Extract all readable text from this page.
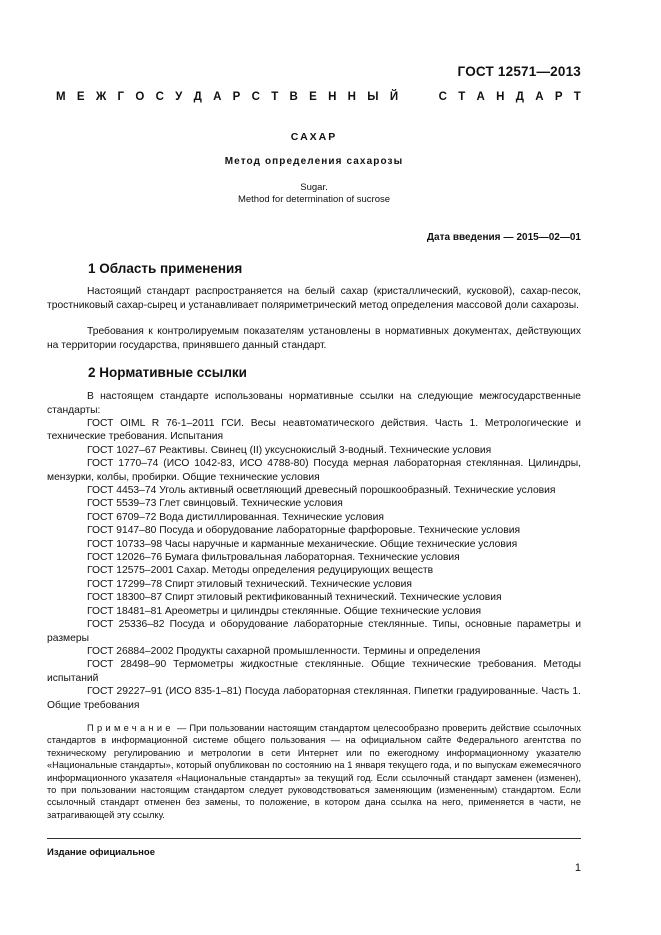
ГОСТ 12571—2013
М Е Ж Г О С У Д А Р С Т В Е Н Н Ы Й	С Т А Н Д А Р Т
САХАР
Метод определения сахарозы
Sugar.
Method for determination of sucrose
Дата введения — 2015—02—01
1 Область применения
Настоящий стандарт распространяется на белый сахар (кристаллический, кусковой), сахар-песок, тростниковый сахар-сырец и устанавливает поляриметрический метод определения массовой доли сахарозы.
Требования к контролируемым показателям установлены в нормативных документах, действующих на территории государства, принявшего данный стандарт.
2 Нормативные ссылки
В настоящем стандарте использованы нормативные ссылки на следующие межгосударственные стандарты:
ГОСТ OIML R 76-1–2011 ГСИ. Весы неавтоматического действия. Часть 1. Метрологические и технические требования. Испытания
ГОСТ 1027–67 Реактивы. Свинец (II) уксуснокислый 3-водный. Технические условия
ГОСТ 1770–74 (ИСО 1042-83, ИСО 4788-80) Посуда мерная лабораторная стеклянная. Цилиндры, мензурки, колбы, пробирки. Общие технические условия
ГОСТ 4453–74 Уголь активный осветляющий древесный порошкообразный. Технические условия
ГОСТ 5539–73 Глет свинцовый. Технические условия
ГОСТ 6709–72 Вода дистиллированная. Технические условия
ГОСТ 9147–80 Посуда и оборудование лабораторные фарфоровые. Технические условия
ГОСТ 10733–98 Часы наручные и карманные механические. Общие технические условия
ГОСТ 12026–76 Бумага фильтровальная лабораторная. Технические условия
ГОСТ 12575–2001 Сахар. Методы определения редуцирующих веществ
ГОСТ 17299–78 Спирт этиловый технический. Технические условия
ГОСТ 18300–87 Спирт этиловый ректификованный технический. Технические условия
ГОСТ 18481–81 Ареометры и цилиндры стеклянные. Общие технические условия
ГОСТ 25336–82 Посуда и оборудование лабораторные стеклянные. Типы, основные параметры и размеры
ГОСТ 26884–2002 Продукты сахарной промышленности. Термины и определения
ГОСТ 28498–90 Термометры жидкостные стеклянные. Общие технические требования. Методы испытаний
ГОСТ 29227–91 (ИСО 835-1–81) Посуда лабораторная стеклянная. Пипетки градуированные. Часть 1. Общие требования
Примечание — При пользовании настоящим стандартом целесообразно проверить действие ссылочных стандартов в информационной системе общего пользования — на официальном сайте Федерального агентства по техническому регулированию и метрологии в сети Интернет или по ежегодному информационному указателю «Национальные стандарты», который опубликован по состоянию на 1 января текущего года, и по выпускам ежемесячного информационного указателя «Национальные стандарты» за текущий год. Если ссылочный стандарт заменен (изменен), то при пользовании настоящим стандартом следует руководствоваться заменяющим (измененным) стандартом. Если ссылочный стандарт отменен без замены, то положение, в котором дана ссылка на него, применяется в части, не затрагивающей эту ссылку.
Издание официальное
1
